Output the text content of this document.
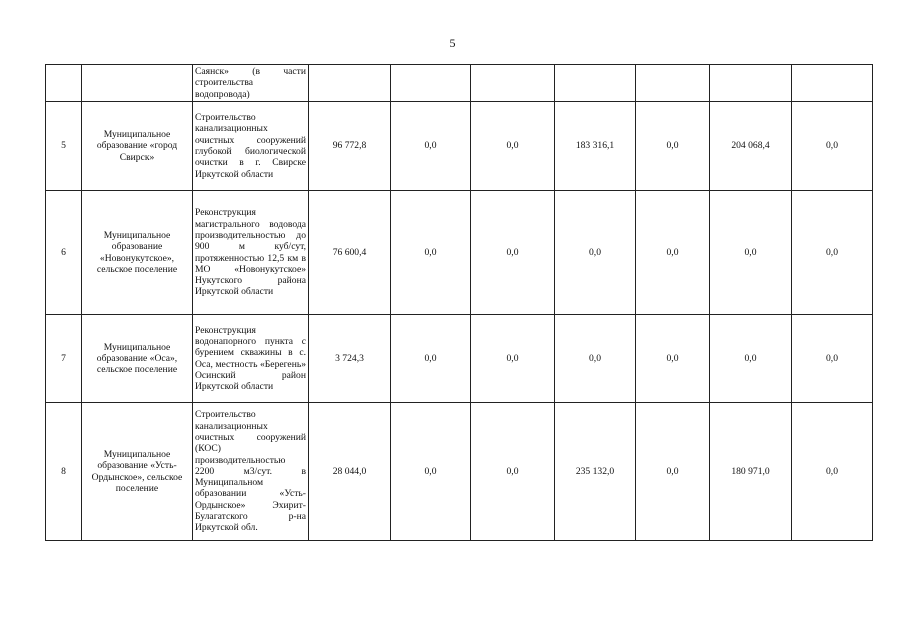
5

		Саянск» (в части строительства водопровода)							

5	Муниципальное образование «город Свирск»	Строительство канализационных очистных сооружений глубокой биологической очистки в г. Свирске Иркутской области	96 772,8	0,0	0,0	183 316,1	0,0	204 068,4	0,0
6	Муниципальное образование «Новонукутское», сельское поселение	Реконструкция магистрального водовода производительностью до 900 м куб/сут, протяженностью 12,5 км в МО «Новонукутское» Нукутского района Иркутской области	76 600,4	0,0	0,0	0,0	0,0	0,0	0,0
7	Муниципальное образование «Оса», сельское поселение	Реконструкция водонапорного пункта с бурением скважины в с. Оса, местность «Берегень» Осинский район Иркутской области	3 724,3	0,0	0,0	0,0	0,0	0,0	0,0
8	Муниципальное образование «Усть-Ордынское», сельское поселение	Строительство канализационных очистных сооружений (КОС) производительностью 2200 м3/сут. в Муниципальном образовании «Усть-Ордынское» Эхирит-Булагатского р-на Иркутской обл.	28 044,0	0,0	0,0	235 132,0	0,0	180 971,0	0,0
